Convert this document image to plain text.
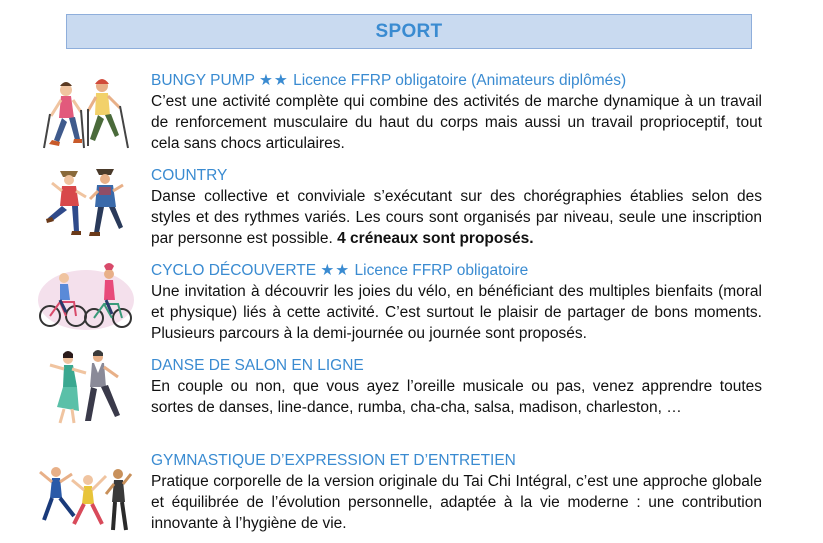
SPORT
BUNGY PUMP ★★ Licence FFRP obligatoire (Animateurs diplômés)
C’est une activité complète qui combine des activités de marche dynamique à un travail de renforcement musculaire du haut du corps mais aussi un travail proprioceptif, tout cela sans chocs articulaires.
COUNTRY
Danse collective et conviviale s’exécutant sur des chorégraphies établies selon des styles et des rythmes variés. Les cours sont organisés par niveau, seule une inscription par personne est possible. 4 créneaux sont proposés.
CYCLO DÉCOUVERTE ★★ Licence FFRP obligatoire
Une invitation à découvrir les joies du vélo, en bénéficiant des multiples bienfaits (moral et physique) liés à cette activité. C’est surtout le plaisir de partager de bons moments. Plusieurs parcours à la demi-journée ou journée sont proposés.
DANSE DE SALON EN LIGNE
En couple ou non, que vous ayez l’oreille musicale ou pas, venez apprendre toutes sortes de danses, line-dance, rumba, cha-cha, salsa, madison, charleston, …
GYMNASTIQUE D’EXPRESSION ET D’ENTRETIEN
Pratique corporelle de la version originale du Tai Chi Intégral, c’est une approche globale et équilibrée de l’évolution personnelle, adaptée à la vie moderne : une contribution innovante à l’hygiène de vie.
